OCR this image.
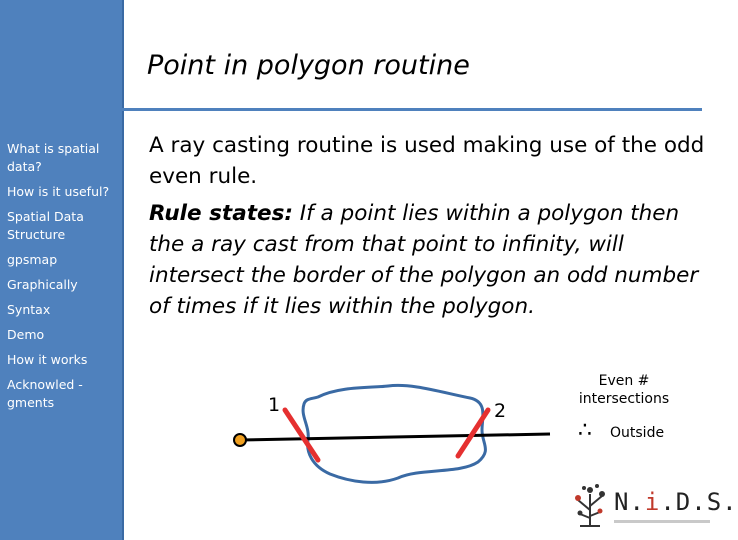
What is spatial data?
How is it useful?
Spatial Data Structure
gpsmap
Graphically
Syntax
Demo
How it works
Acknowled - gments
Point in polygon routine

A ray casting routine is used making use of the odd even rule.

Rule states: If a point lies within a polygon then the a ray cast from that point to infinity, will intersect the border of the polygon an odd number of times if it lies within the polygon.

1	2
Even # intersections
∴ Outside
N.i.D.S.
